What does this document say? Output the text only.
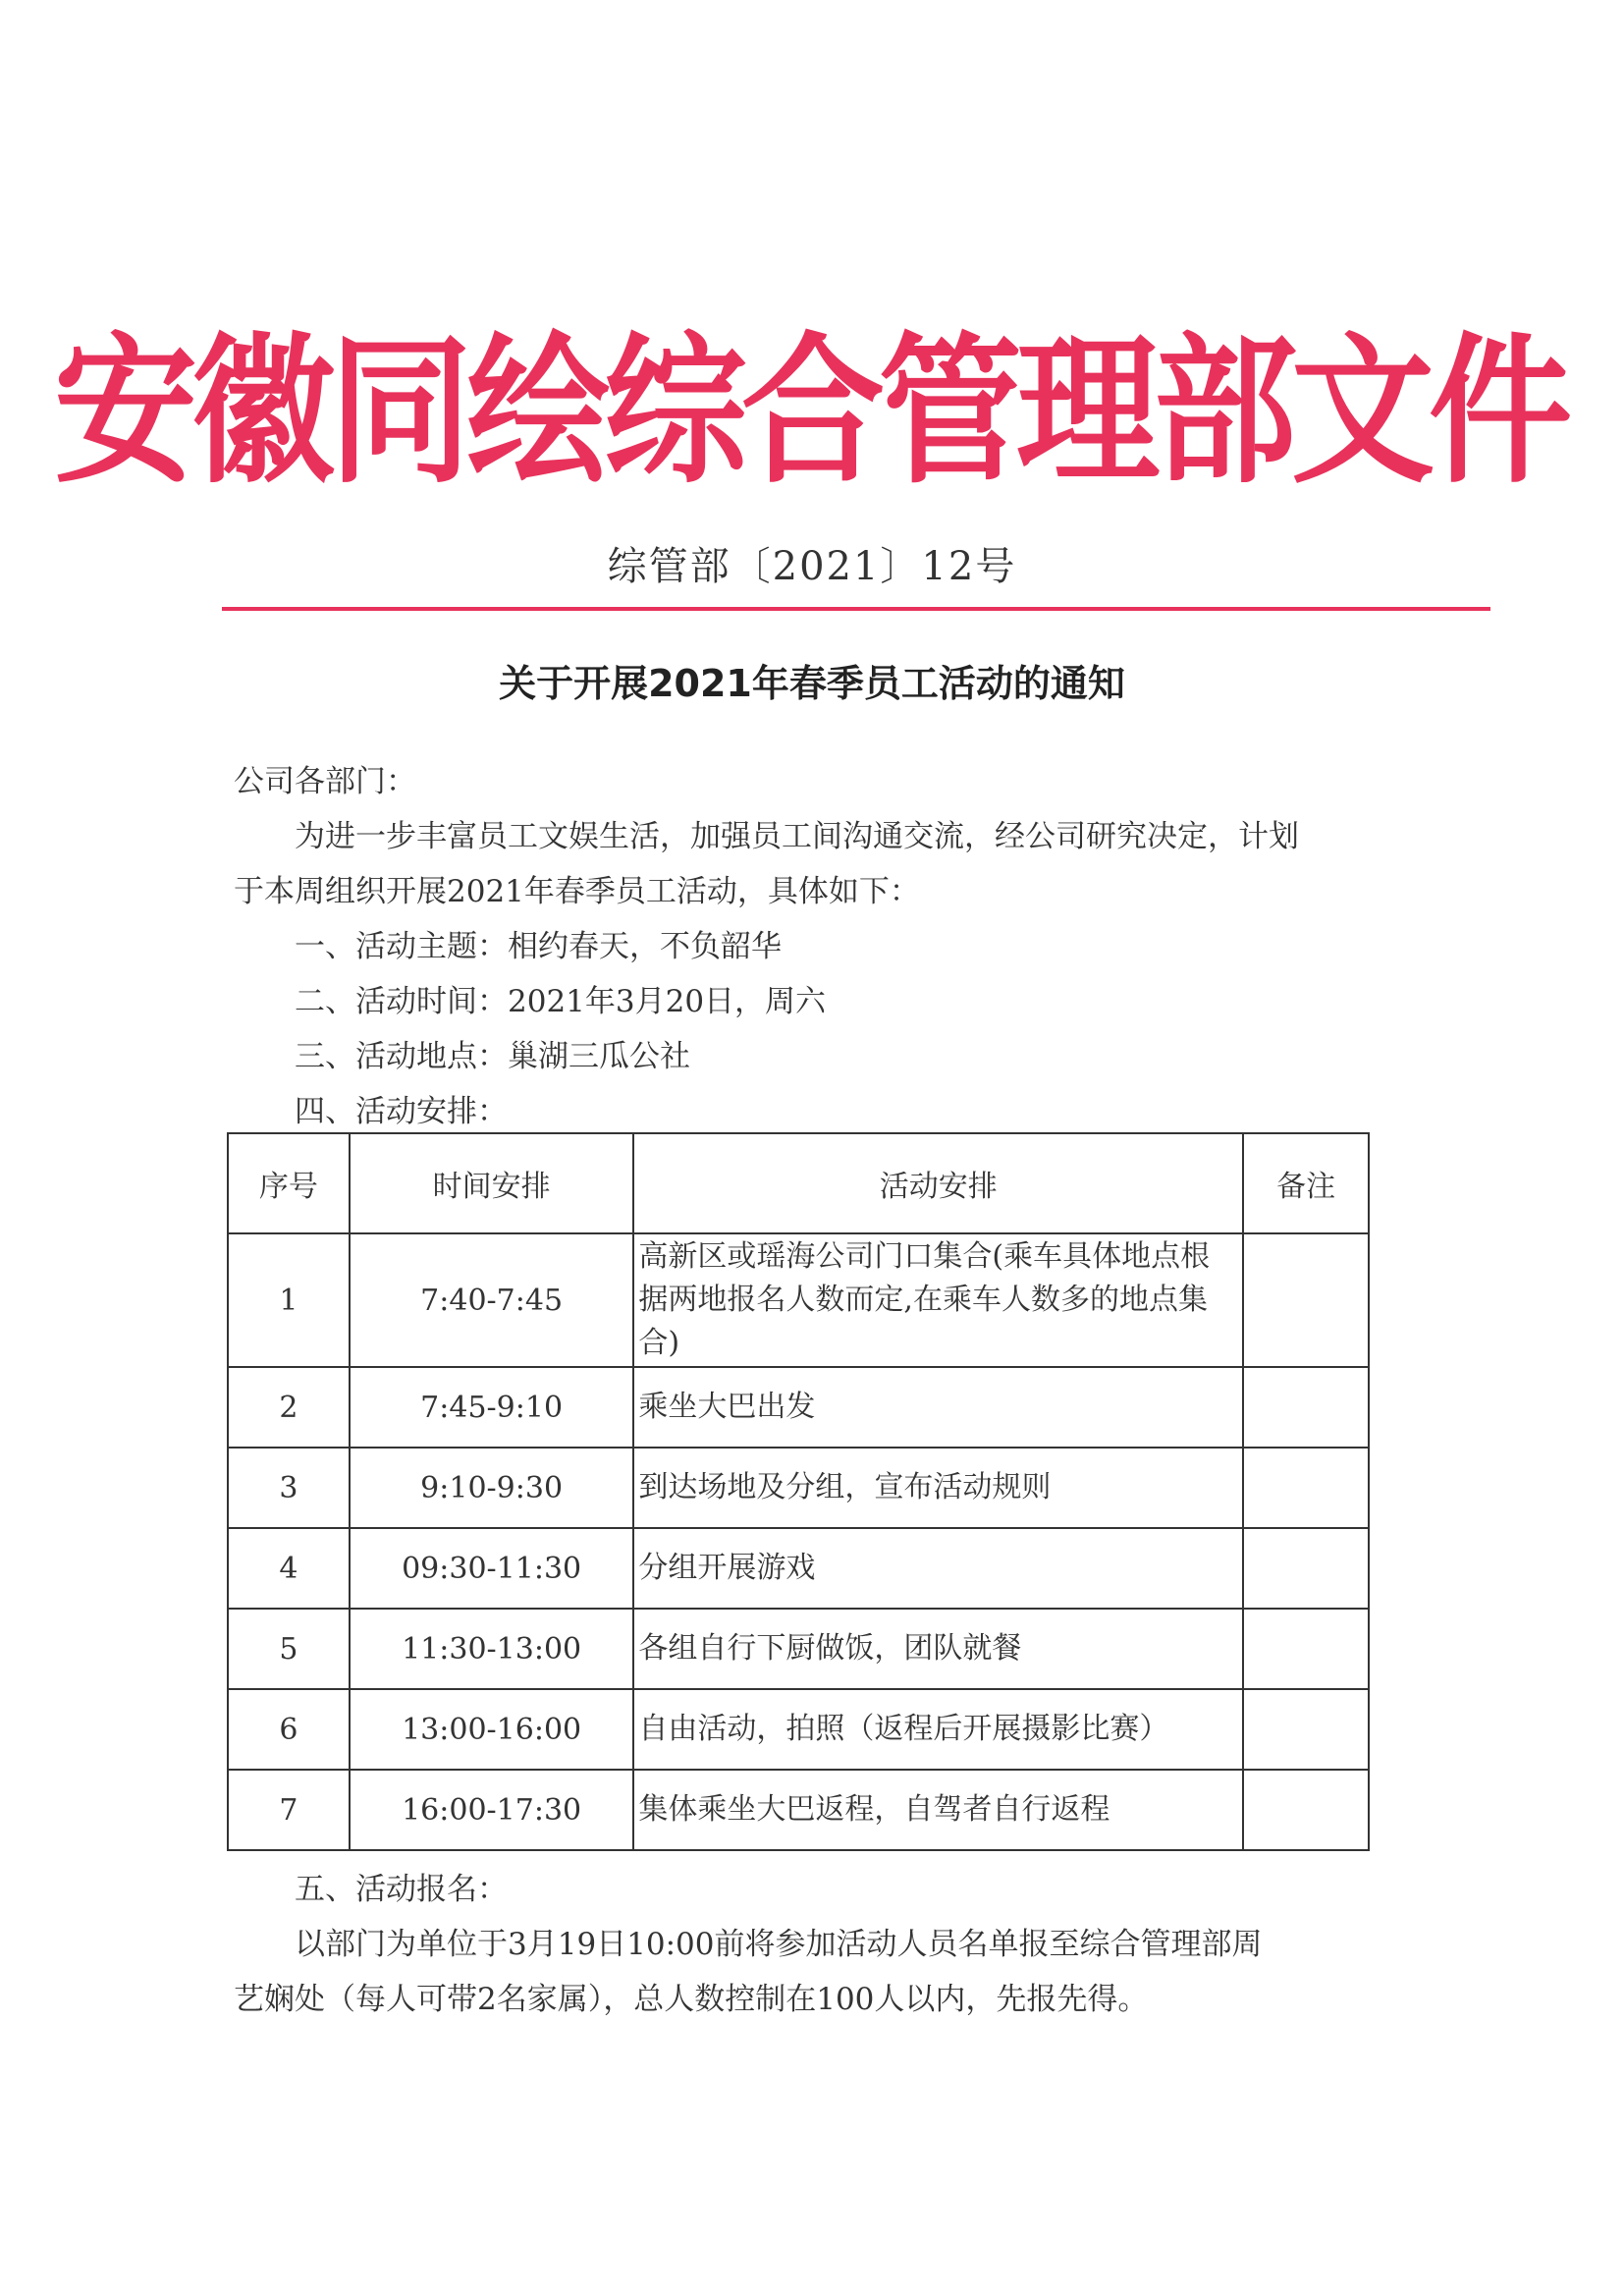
安徽同绘综合管理部文件
综管部〔2021〕12号
关于开展2021年春季员工活动的通知
公司各部门：
为进一步丰富员工文娱生活，加强员工间沟通交流，经公司研究决定，计划
于本周组织开展2021年春季员工活动，具体如下：
一、活动主题：相约春天，不负韶华
二、活动时间：2021年3月20日，周六
三、活动地点：巢湖三瓜公社
四、活动安排：
序号	时间安排	活动安排	备注
1	7:40-7:45	高新区或瑶海公司门口集合(乘车具体地点根据两地报名人数而定,在乘车人数多的地点集合)	
2	7:45-9:10	乘坐大巴出发	
3	9:10-9:30	到达场地及分组，宣布活动规则	
4	09:30-11:30	分组开展游戏	
5	11:30-13:00	各组自行下厨做饭，团队就餐	
6	13:00-16:00	自由活动，拍照（返程后开展摄影比赛）	
7	16:00-17:30	集体乘坐大巴返程，自驾者自行返程	
五、活动报名：
以部门为单位于3月19日10:00前将参加活动人员名单报至综合管理部周
艺娴处（每人可带2名家属），总人数控制在100人以内，先报先得。
